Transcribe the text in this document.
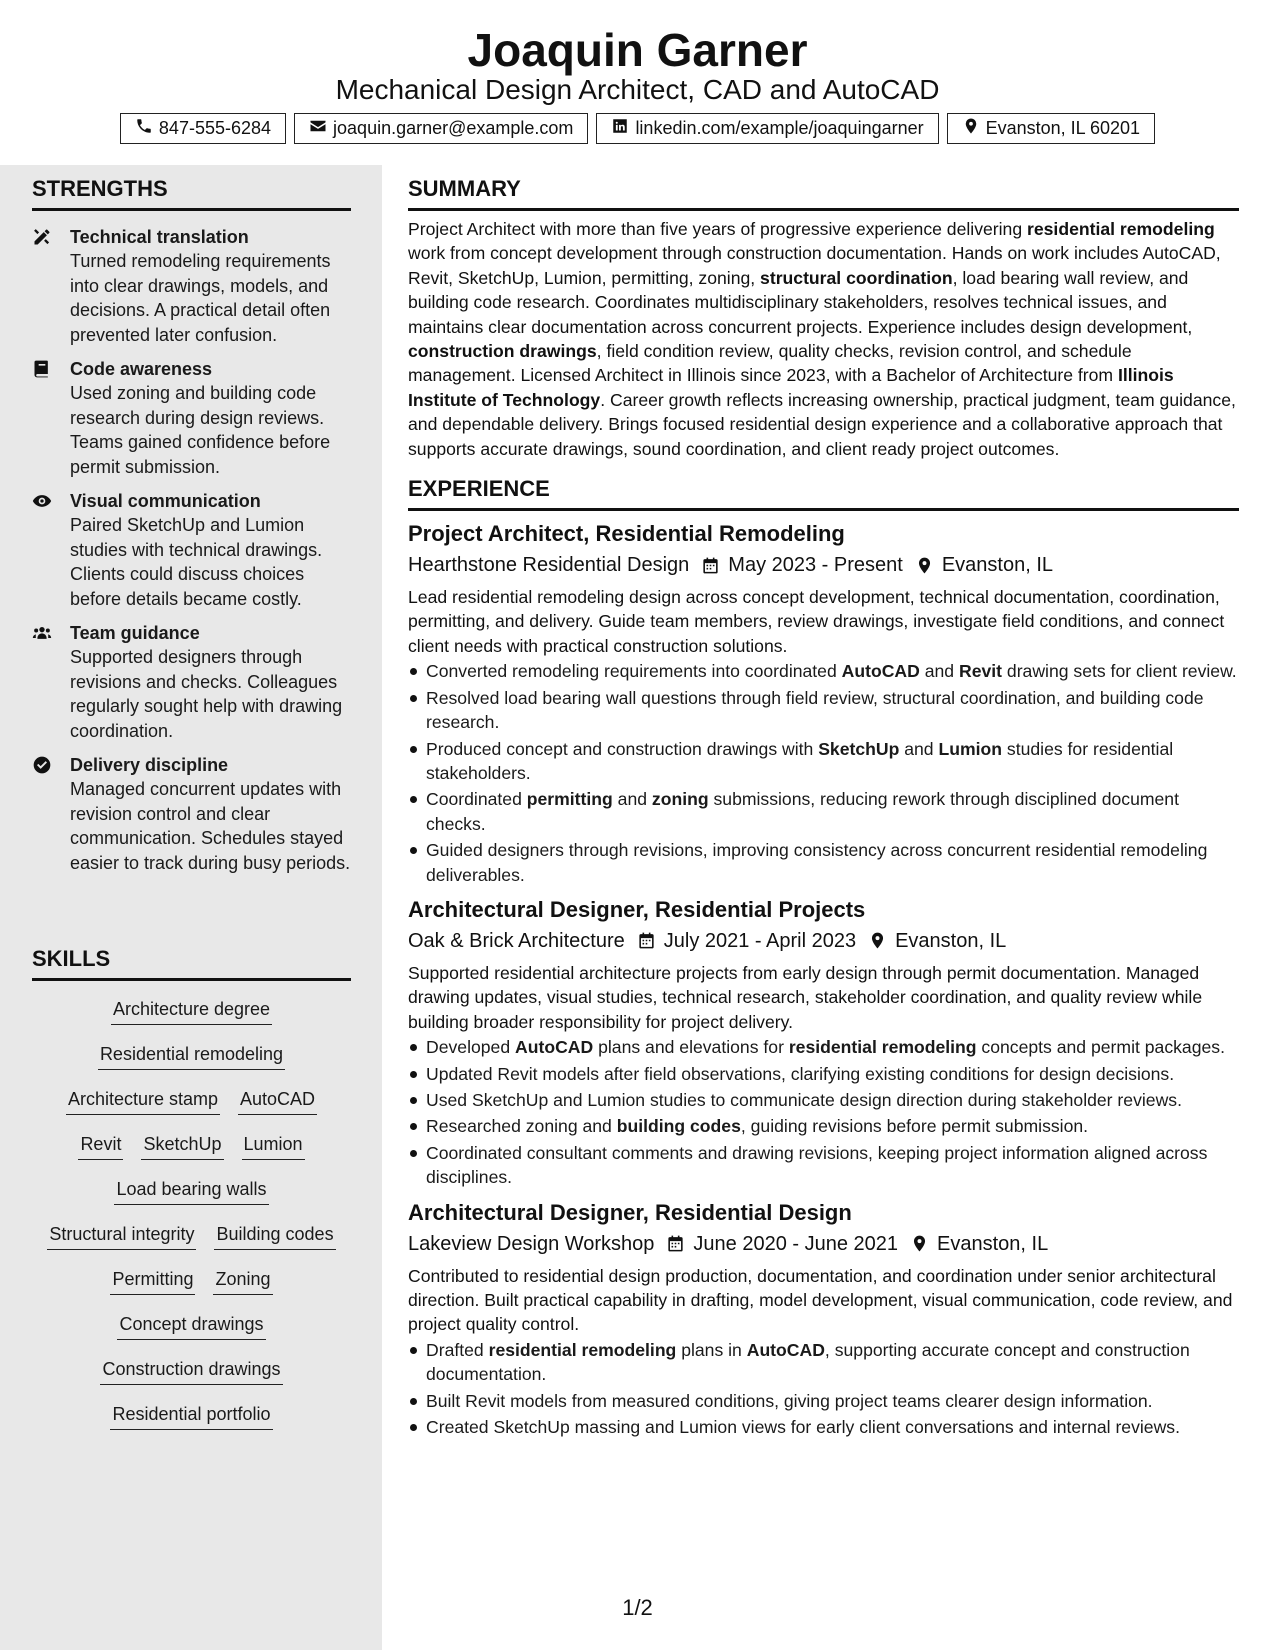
Joaquin Garner
Mechanical Design Architect, CAD and AutoCAD
847-555-6284	joaquin.garner@example.com	linkedin.com/example/joaquingarner	Evanston, IL 60201
STRENGTHS
Technical translation
Turned remodeling requirements into clear drawings, models, and decisions. A practical detail often prevented later confusion.
Code awareness
Used zoning and building code research during design reviews. Teams gained confidence before permit submission.
Visual communication
Paired SketchUp and Lumion studies with technical drawings. Clients could discuss choices before details became costly.
Team guidance
Supported designers through revisions and checks. Colleagues regularly sought help with drawing coordination.
Delivery discipline
Managed concurrent updates with revision control and clear communication. Schedules stayed easier to track during busy periods.
SKILLS
Architecture degree
Residential remodeling
Architecture stamp AutoCAD
Revit SketchUp Lumion
Load bearing walls
Structural integrity Building codes
Permitting Zoning
Concept drawings
Construction drawings
Residential portfolio
SUMMARY
Project Architect with more than five years of progressive experience delivering residential remodeling work from concept development through construction documentation. Hands on work includes AutoCAD, Revit, SketchUp, Lumion, permitting, zoning, structural coordination, load bearing wall review, and building code research. Coordinates multidisciplinary stakeholders, resolves technical issues, and maintains clear documentation across concurrent projects. Experience includes design development, construction drawings, field condition review, quality checks, revision control, and schedule management. Licensed Architect in Illinois since 2023, with a Bachelor of Architecture from Illinois Institute of Technology. Career growth reflects increasing ownership, practical judgment, team guidance, and dependable delivery. Brings focused residential design experience and a collaborative approach that supports accurate drawings, sound coordination, and client ready project outcomes.
EXPERIENCE
Project Architect, Residential Remodeling
Hearthstone Residential Design May 2023 - Present Evanston, IL
Lead residential remodeling design across concept development, technical documentation, coordination, permitting, and delivery. Guide team members, review drawings, investigate field conditions, and connect client needs with practical construction solutions.
Converted remodeling requirements into coordinated AutoCAD and Revit drawing sets for client review.
Resolved load bearing wall questions through field review, structural coordination, and building code research.
Produced concept and construction drawings with SketchUp and Lumion studies for residential stakeholders.
Coordinated permitting and zoning submissions, reducing rework through disciplined document checks.
Guided designers through revisions, improving consistency across concurrent residential remodeling deliverables.
Architectural Designer, Residential Projects
Oak & Brick Architecture July 2021 - April 2023 Evanston, IL
Supported residential architecture projects from early design through permit documentation. Managed drawing updates, visual studies, technical research, stakeholder coordination, and quality review while building broader responsibility for project delivery.
Developed AutoCAD plans and elevations for residential remodeling concepts and permit packages.
Updated Revit models after field observations, clarifying existing conditions for design decisions.
Used SketchUp and Lumion studies to communicate design direction during stakeholder reviews.
Researched zoning and building codes, guiding revisions before permit submission.
Coordinated consultant comments and drawing revisions, keeping project information aligned across disciplines.
Architectural Designer, Residential Design
Lakeview Design Workshop June 2020 - June 2021 Evanston, IL
Contributed to residential design production, documentation, and coordination under senior architectural direction. Built practical capability in drafting, model development, visual communication, code review, and project quality control.
Drafted residential remodeling plans in AutoCAD, supporting accurate concept and construction documentation.
Built Revit models from measured conditions, giving project teams clearer design information.
Created SketchUp massing and Lumion views for early client conversations and internal reviews.
1/2
